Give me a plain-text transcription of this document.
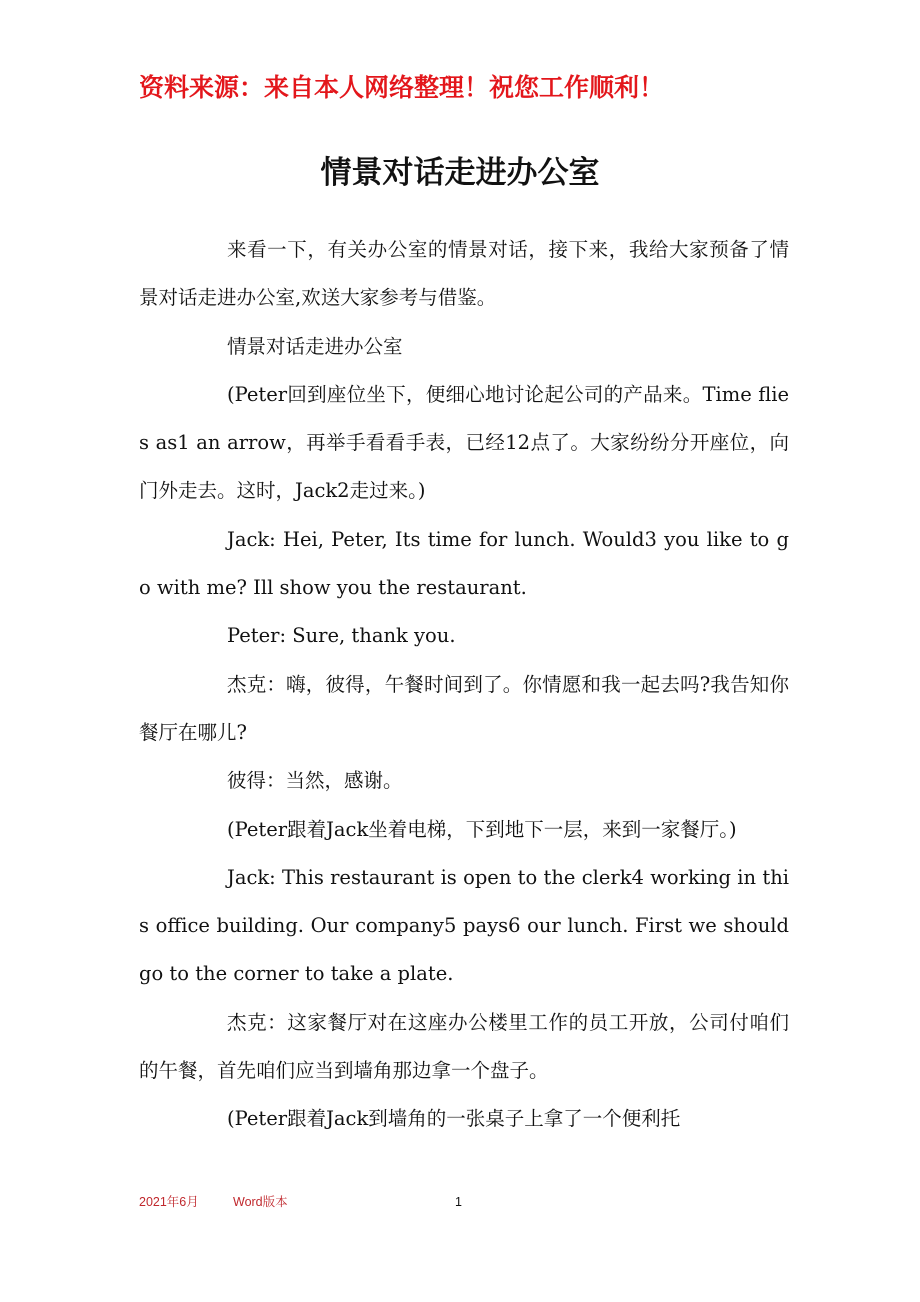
资料来源：来自本人网络整理！祝您工作顺利！
情景对话走进办公室

来看一下，有关办公室的情景对话，接下来，我给大家预备了情景对话走进办公室,欢送大家参考与借鉴。

情景对话走进办公室

(Peter回到座位坐下，便细心地讨论起公司的产品来。Time flies as1 an arrow，再举手看看手表，已经12点了。大家纷纷分开座位，向门外走去。这时，Jack2走过来。)

Jack: Hei, Peter, Its time for lunch. Would3 you like to go with me? Ill show you the restaurant.

Peter: Sure, thank you.

杰克：嗨，彼得，午餐时间到了。你情愿和我一起去吗?我告知你餐厅在哪儿?

彼得：当然，感谢。

(Peter跟着Jack坐着电梯，下到地下一层，来到一家餐厅。)

Jack: This restaurant is open to the clerk4 working in this office building. Our company5 pays6 our lunch. First we should go to the corner to take a plate.

杰克：这家餐厅对在这座办公楼里工作的员工开放，公司付咱们的午餐，首先咱们应当到墙角那边拿一个盘子。

(Peter跟着Jack到墙角的一张桌子上拿了一个便利托

2021年6月	Word版本	1
